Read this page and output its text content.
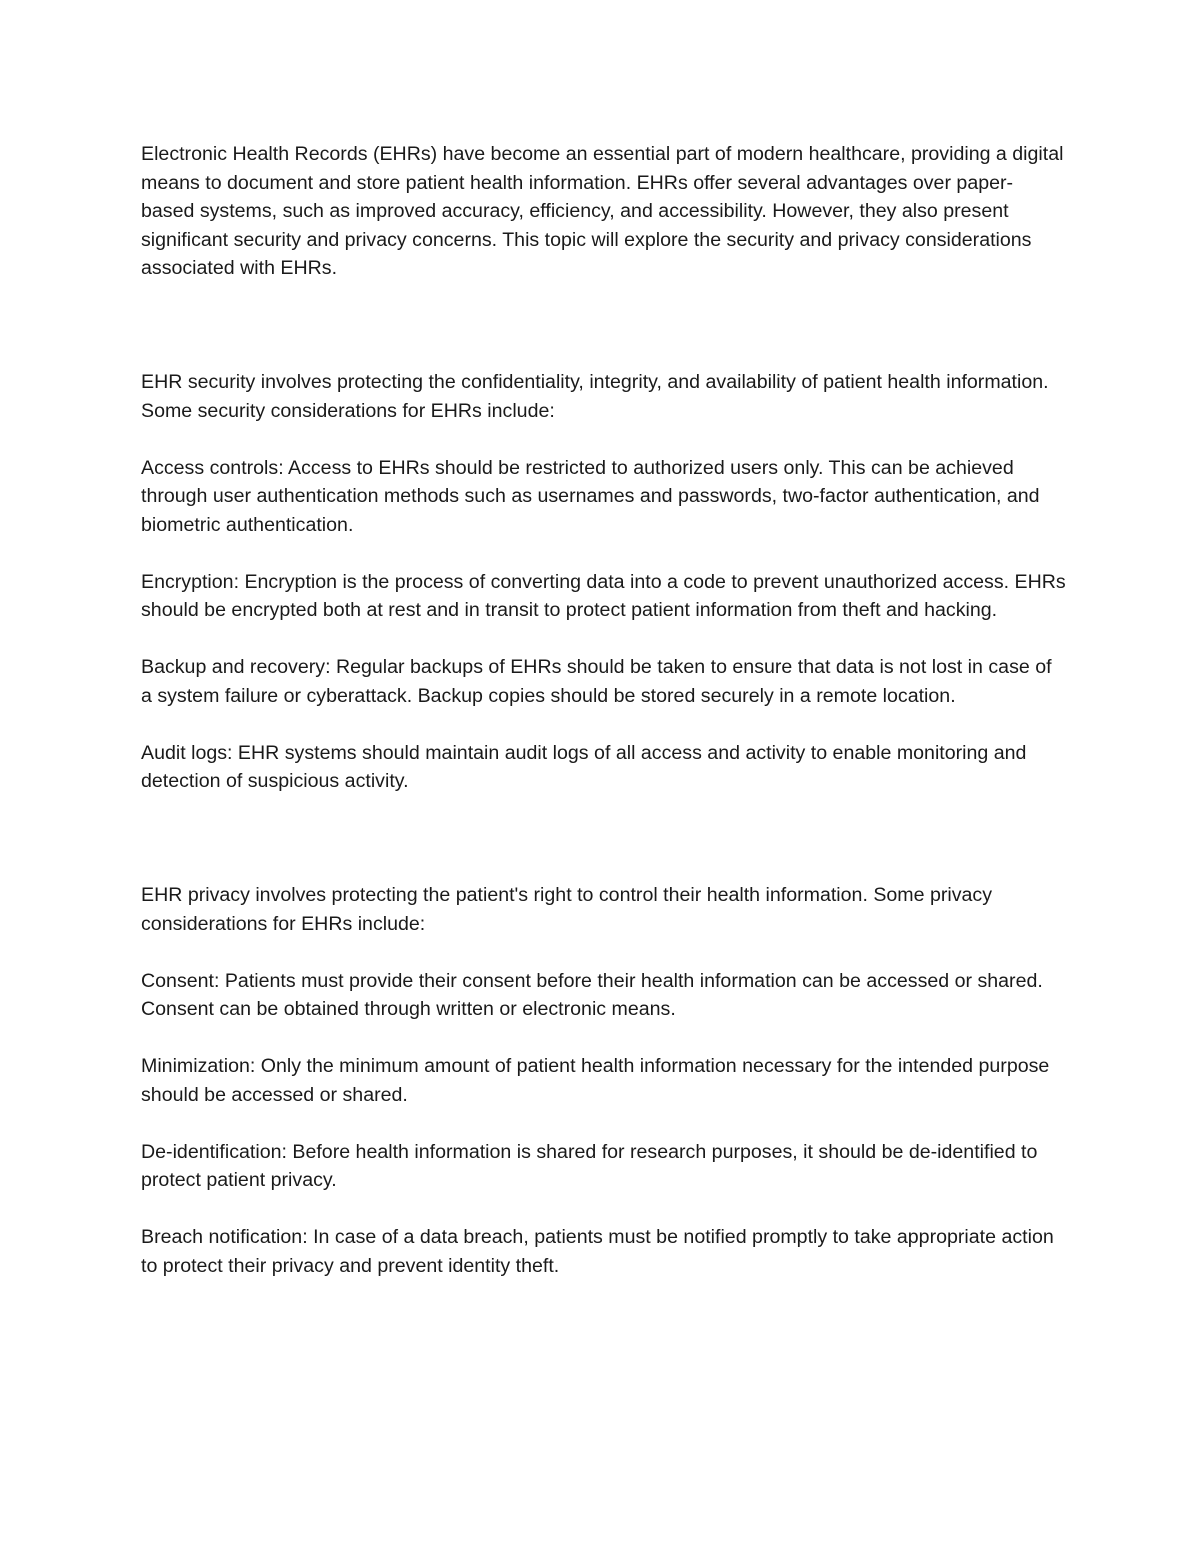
Electronic Health Records (EHRs) have become an essential part of modern healthcare, providing a digital means to document and store patient health information. EHRs offer several advantages over paper-based systems, such as improved accuracy, efficiency, and accessibility. However, they also present significant security and privacy concerns. This topic will explore the security and privacy considerations associated with EHRs.

EHR security involves protecting the confidentiality, integrity, and availability of patient health information. Some security considerations for EHRs include:

Access controls: Access to EHRs should be restricted to authorized users only. This can be achieved through user authentication methods such as usernames and passwords, two-factor authentication, and biometric authentication.

Encryption: Encryption is the process of converting data into a code to prevent unauthorized access. EHRs should be encrypted both at rest and in transit to protect patient information from theft and hacking.

Backup and recovery: Regular backups of EHRs should be taken to ensure that data is not lost in case of a system failure or cyberattack. Backup copies should be stored securely in a remote location.

Audit logs: EHR systems should maintain audit logs of all access and activity to enable monitoring and detection of suspicious activity.

EHR privacy involves protecting the patient's right to control their health information. Some privacy considerations for EHRs include:

Consent: Patients must provide their consent before their health information can be accessed or shared. Consent can be obtained through written or electronic means.

Minimization: Only the minimum amount of patient health information necessary for the intended purpose should be accessed or shared.

De-identification: Before health information is shared for research purposes, it should be de-identified to protect patient privacy.

Breach notification: In case of a data breach, patients must be notified promptly to take appropriate action to protect their privacy and prevent identity theft.
